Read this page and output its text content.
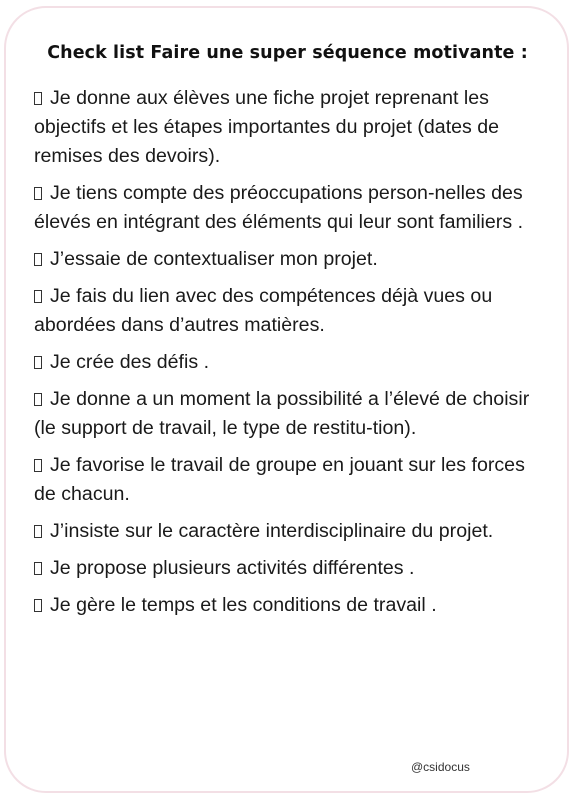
Check list Faire une super séquence motivante :
Je donne aux élèves une fiche projet reprenant les objectifs et les étapes importantes du projet (dates de remises des devoirs).
Je tiens compte des préoccupations person-nelles des élevés en intégrant des éléments qui leur sont familiers .
J’essaie de contextualiser mon projet.
Je fais du lien avec des compétences déjà vues ou abordées dans d’autres matières.
Je crée des défis .
Je donne a un moment la possibilité a l’élevé de choisir (le support de travail, le type de restitu-tion).
Je favorise le travail de groupe en jouant sur les forces de chacun.
J’insiste sur le caractère interdisciplinaire du projet.
Je propose plusieurs activités différentes .
Je gère le temps et les conditions de travail .
@csidocus
